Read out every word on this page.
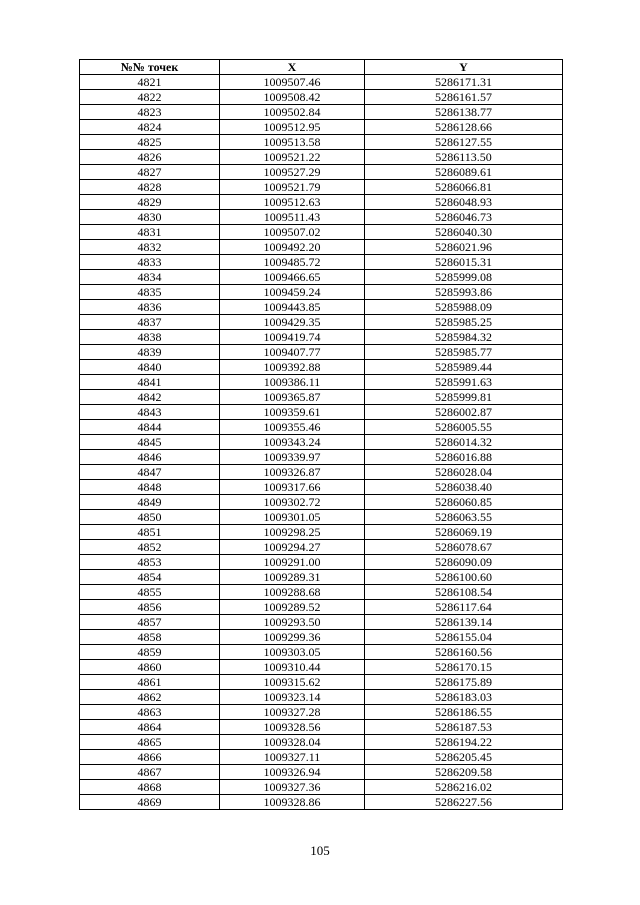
№№ точек	X	Y
4821	1009507.46	5286171.31
4822	1009508.42	5286161.57
4823	1009502.84	5286138.77
4824	1009512.95	5286128.66
4825	1009513.58	5286127.55
4826	1009521.22	5286113.50
4827	1009527.29	5286089.61
4828	1009521.79	5286066.81
4829	1009512.63	5286048.93
4830	1009511.43	5286046.73
4831	1009507.02	5286040.30
4832	1009492.20	5286021.96
4833	1009485.72	5286015.31
4834	1009466.65	5285999.08
4835	1009459.24	5285993.86
4836	1009443.85	5285988.09
4837	1009429.35	5285985.25
4838	1009419.74	5285984.32
4839	1009407.77	5285985.77
4840	1009392.88	5285989.44
4841	1009386.11	5285991.63
4842	1009365.87	5285999.81
4843	1009359.61	5286002.87
4844	1009355.46	5286005.55
4845	1009343.24	5286014.32
4846	1009339.97	5286016.88
4847	1009326.87	5286028.04
4848	1009317.66	5286038.40
4849	1009302.72	5286060.85
4850	1009301.05	5286063.55
4851	1009298.25	5286069.19
4852	1009294.27	5286078.67
4853	1009291.00	5286090.09
4854	1009289.31	5286100.60
4855	1009288.68	5286108.54
4856	1009289.52	5286117.64
4857	1009293.50	5286139.14
4858	1009299.36	5286155.04
4859	1009303.05	5286160.56
4860	1009310.44	5286170.15
4861	1009315.62	5286175.89
4862	1009323.14	5286183.03
4863	1009327.28	5286186.55
4864	1009328.56	5286187.53
4865	1009328.04	5286194.22
4866	1009327.11	5286205.45
4867	1009326.94	5286209.58
4868	1009327.36	5286216.02
4869	1009328.86	5286227.56
105
